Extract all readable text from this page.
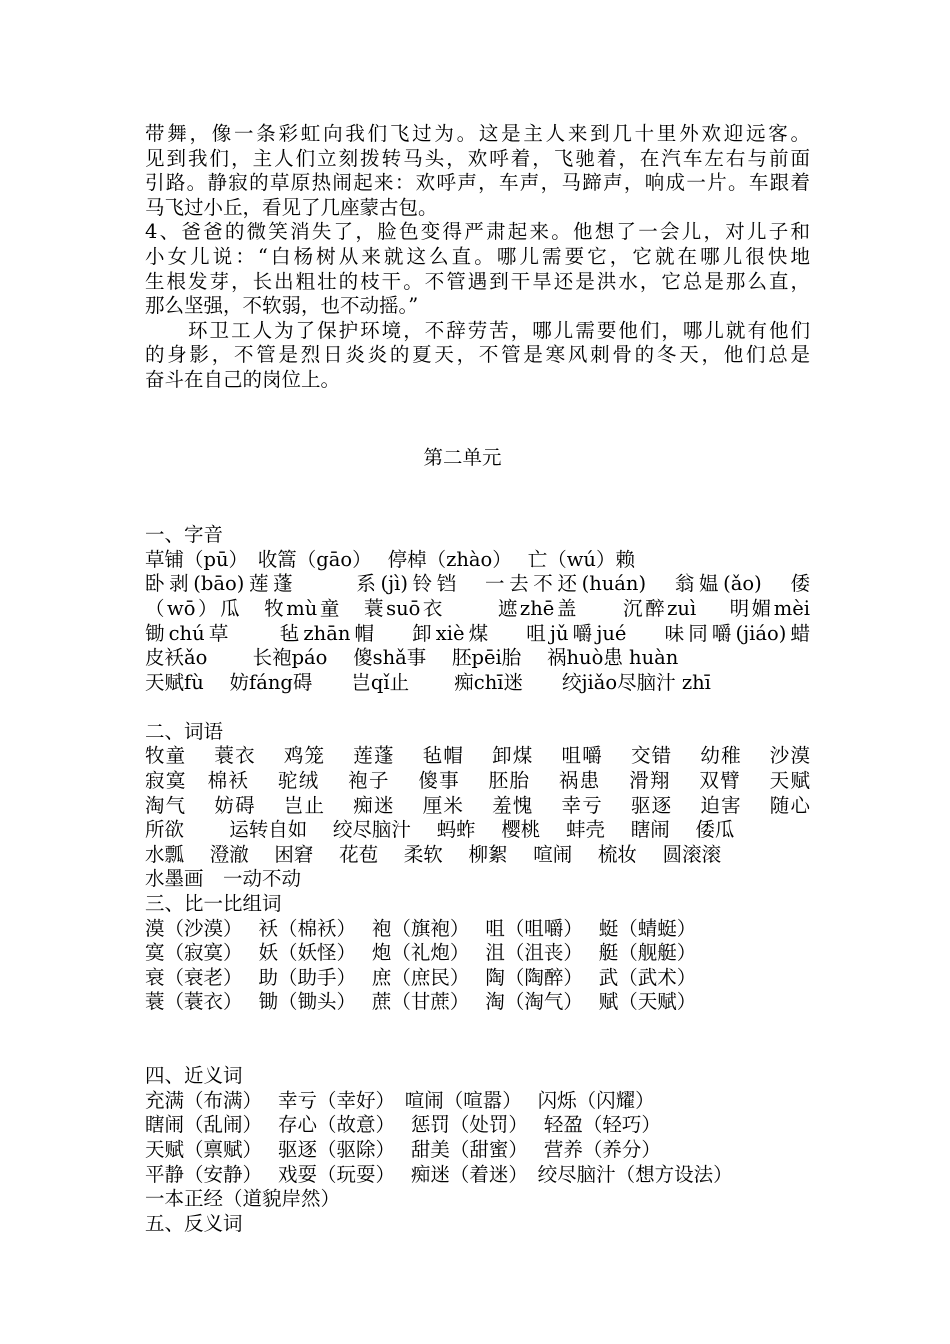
带舞，像一条彩虹向我们飞过为。这是主人来到几十里外欢迎远客。
见到我们，主人们立刻拨转马头，欢呼着，飞驰着，在汽车左右与前面
引路。静寂的草原热闹起来：欢呼声，车声，马蹄声，响成一片。车跟着
马飞过小丘，看见了几座蒙古包。
4、爸爸的微笑消失了，脸色变得严肃起来。他想了一会儿，对儿子和
小女儿说：“白杨树从来就这么直。哪儿需要它，它就在哪儿很快地
生根发芽，长出粗壮的枝干。不管遇到干旱还是洪水，它总是那么直，
那么坚强，不软弱，也不动摇。”
　　环卫工人为了保护环境，不辞劳苦，哪儿需要他们，哪儿就有他们
的身影，不管是烈日炎炎的夏天，不管是寒风刺骨的冬天，他们总是
奋斗在自己的岗位上。
第二单元
一、字音
草铺（pū）　收篙（gāo）　 停棹（zhào）　 亡（wú）赖
卧剥(bāo)莲蓬　　 系(jì)铃铛　一去不还(huán)　翁媪(ǎo)　倭
（wō）瓜　牧mù童　蓑suō衣　　 遮zhē盖　　沉醉zuì　 明媚mèi
锄chú草　　毡zhān帽　 卸xiè煤　 咀jǔ嚼jué　 味同嚼(jiáo)蜡
皮袄ǎo　　 长袍páo　 傻shǎ事　 胚pēi胎　 祸huò患 huàn
天赋fù　 妨fáng碍　　岂qǐ止　　 痴chī迷　　绞jiǎo尽脑汁 zhī
二、词语
牧童　 蓑衣　 鸡笼　 莲蓬　 毡帽　 卸煤　 咀嚼　 交错　 幼稚　 沙漠
寂寞　棉袄　 驼绒　 袍子　 傻事　 胚胎　 祸患　 滑翔　 双臂　 天赋
淘气　 妨碍　 岂止　 痴迷　 厘米　 羞愧　 幸亏　 驱逐　 迫害　 随心
所欲　　 运转自如　 绞尽脑汁　 蚂蚱　 樱桃　 蚌壳　 瞎闹　 倭瓜
水瓢　 澄澈　 困窘　 花苞　 柔软　 柳絮　 喧闹　 梳妆　 圆滚滚
水墨画　一动不动
三、比一比组词
漠（沙漠）　 袄（棉袄）　 袍（旗袍）　 咀（咀嚼）　 蜓（蜻蜓）
寞（寂寞）　 妖（妖怪）　 炮（礼炮）　 沮（沮丧）　 艇（舰艇）
衰（衰老）　 助（助手）　 庶（庶民）　 陶（陶醉）　 武（武术）
蓑（蓑衣）　 锄（锄头）　 蔗（甘蔗）　 淘（淘气）　 赋（天赋）
四、近义词
充满（布满）　 幸亏（幸好）　喧闹（喧嚣）　 闪烁（闪耀）
瞎闹（乱闹）　 存心（故意）　 惩罚（处罚）　 轻盈（轻巧）
天赋（禀赋）　 驱逐（驱除）　 甜美（甜蜜）　 营养（养分）
平静（安静）　 戏耍（玩耍）　 痴迷（着迷）　绞尽脑汁（想方设法）
一本正经（道貌岸然）
五、反义词
